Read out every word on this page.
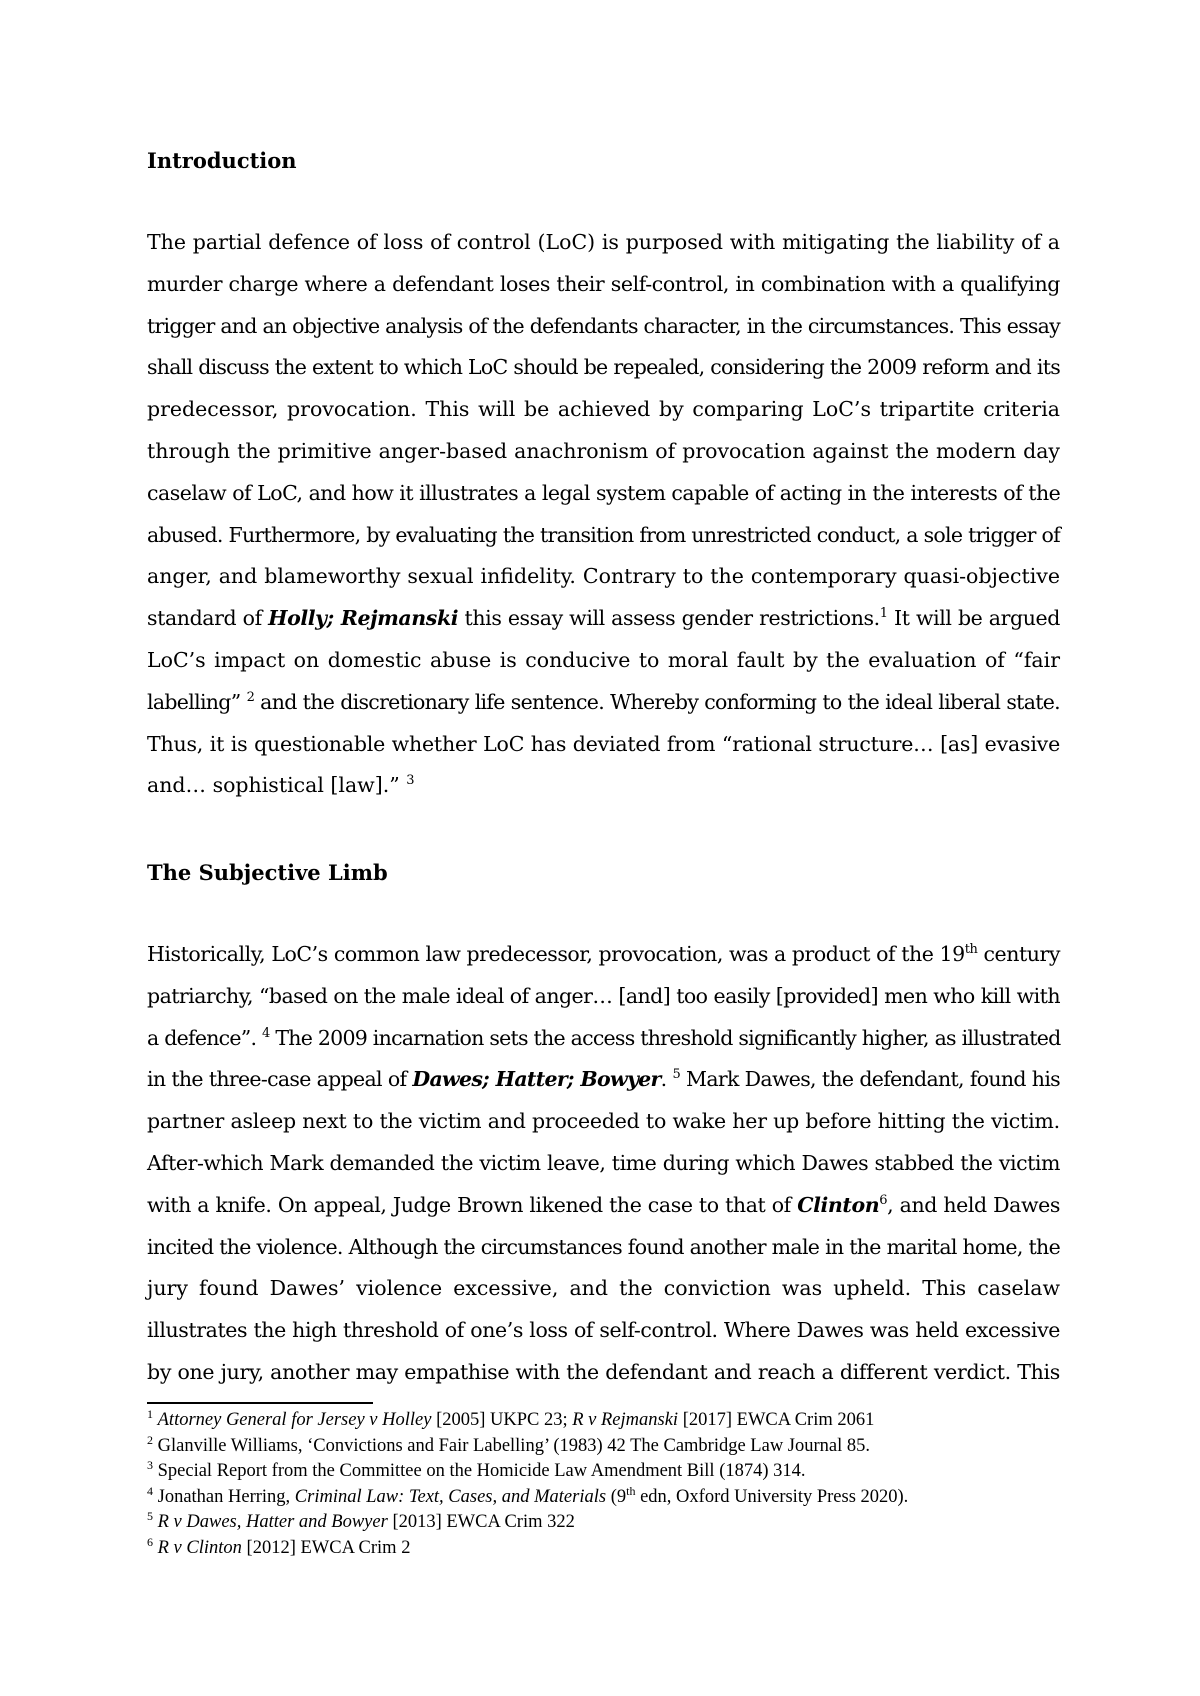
Introduction
The partial defence of loss of control (LoC) is purposed with mitigating the liability of a
murder charge where a defendant loses their self-control, in combination with a qualifying
trigger and an objective analysis of the defendants character, in the circumstances. This essay
shall discuss the extent to which LoC should be repealed, considering the 2009 reform and its
predecessor, provocation. This will be achieved by comparing LoC’s tripartite criteria
through the primitive anger-based anachronism of provocation against the modern day
caselaw of LoC, and how it illustrates a legal system capable of acting in the interests of the
abused. Furthermore, by evaluating the transition from unrestricted conduct, a sole trigger of
anger, and blameworthy sexual infidelity. Contrary to the contemporary quasi-objective
standard of Holly; Rejmanski this essay will assess gender restrictions.$^1$ It will be argued
LoC’s impact on domestic abuse is conducive to moral fault by the evaluation of “fair
labelling” $^2$ and the discretionary life sentence. Whereby conforming to the ideal liberal state.
Thus, it is questionable whether LoC has deviated from “rational structure… [as] evasive
and… sophistical [law].” $^3$
The Subjective Limb
Historically, LoC’s common law predecessor, provocation, was a product of the 19th century
patriarchy, “based on the male ideal of anger… [and] too easily [provided] men who kill with
a defence”. $^4$ The 2009 incarnation sets the access threshold significantly higher, as illustrated
in the three-case appeal of Dawes; Hatter; Bowyer. $^5$ Mark Dawes, the defendant, found his
partner asleep next to the victim and proceeded to wake her up before hitting the victim.
After-which Mark demanded the victim leave, time during which Dawes stabbed the victim
with a knife. On appeal, Judge Brown likened the case to that of Clinton$^6$, and held Dawes
incited the violence. Although the circumstances found another male in the marital home, the
jury found Dawes’ violence excessive, and the conviction was upheld. This caselaw
illustrates the high threshold of one’s loss of self-control. Where Dawes was held excessive
by one jury, another may empathise with the defendant and reach a different verdict. This
$^1$ Attorney General for Jersey v Holley [2005] UKPC 23; R v Rejmanski [2017] EWCA Crim 2061
$^2$ Glanville Williams, ‘Convictions and Fair Labelling’ (1983) 42 The Cambridge Law Journal 85.
$^3$ Special Report from the Committee on the Homicide Law Amendment Bill (1874) 314.
$^4$ Jonathan Herring, Criminal Law: Text, Cases, and Materials (9th edn, Oxford University Press 2020).
$^5$ R v Dawes, Hatter and Bowyer [2013] EWCA Crim 322
$^6$ R v Clinton [2012] EWCA Crim 2
